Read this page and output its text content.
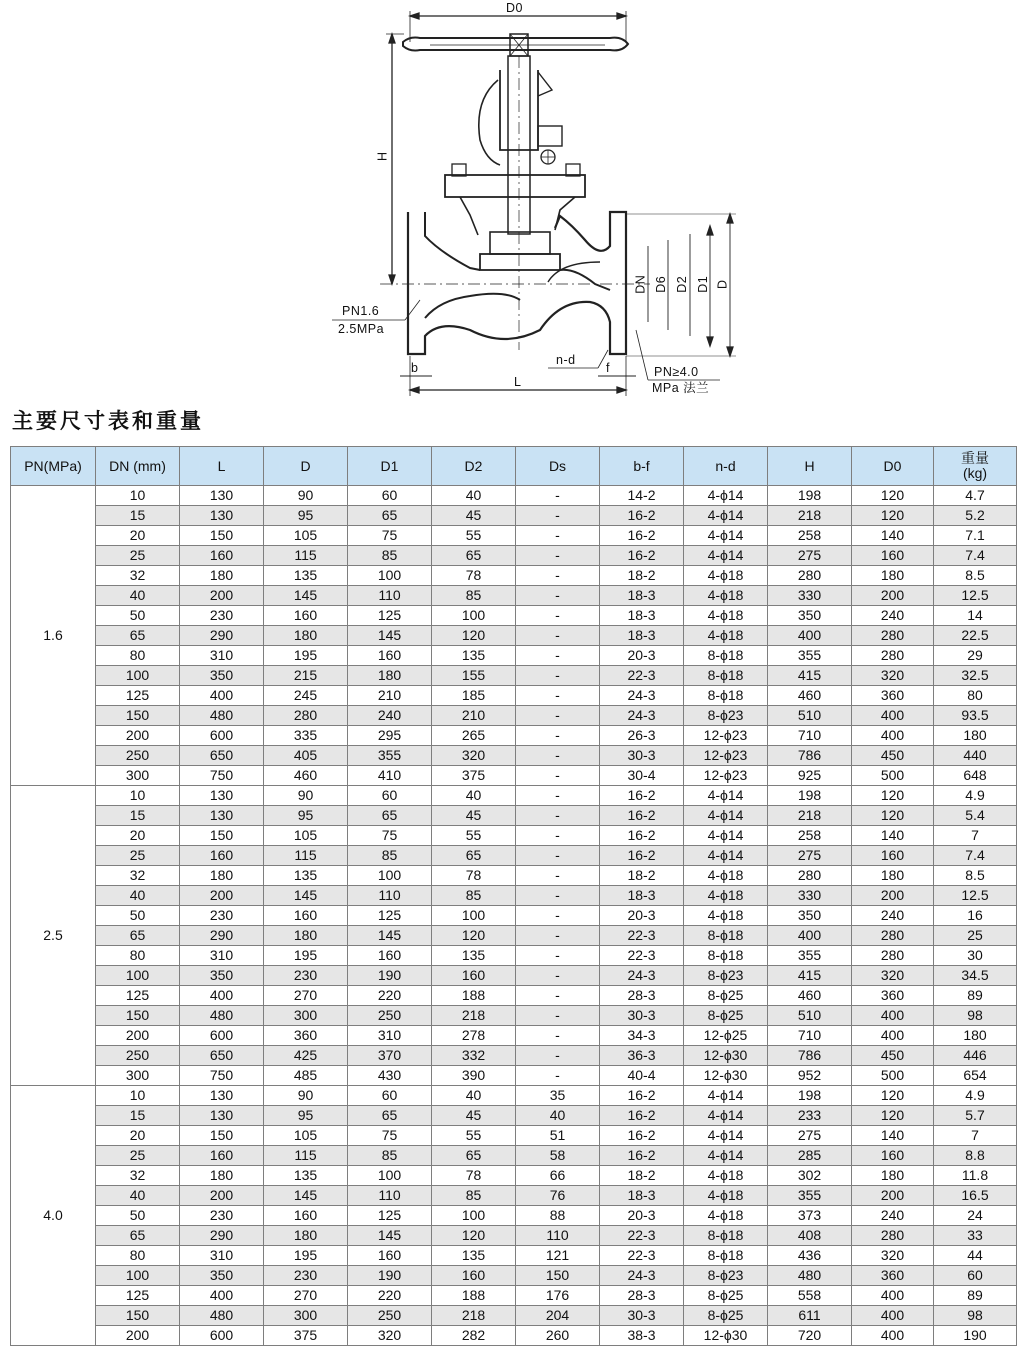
D0
H
DN D6 D2 D1 D
PN1.6
2.5MPa
n-d
b	f
L
PN≥4.0
MPa 法兰
主要尺寸表和重量
PN(MPa)	DN (mm)	L	D	D1	D2	Ds	b-f	n-d	H	D0	重量
(kg)
1.6	10	130	90	60	40	-	14-2	4-ϕ14	198	120	4.7
	15	130	95	65	45	-	16-2	4-ϕ14	218	120	5.2
	20	150	105	75	55	-	16-2	4-ϕ14	258	140	7.1
	25	160	115	85	65	-	16-2	4-ϕ14	275	160	7.4
	32	180	135	100	78	-	18-2	4-ϕ18	280	180	8.5
	40	200	145	110	85	-	18-3	4-ϕ18	330	200	12.5
	50	230	160	125	100	-	18-3	4-ϕ18	350	240	14
	65	290	180	145	120	-	18-3	4-ϕ18	400	280	22.5
	80	310	195	160	135	-	20-3	8-ϕ18	355	280	29
	100	350	215	180	155	-	22-3	8-ϕ18	415	320	32.5
	125	400	245	210	185	-	24-3	8-ϕ18	460	360	80
	150	480	280	240	210	-	24-3	8-ϕ23	510	400	93.5
	200	600	335	295	265	-	26-3	12-ϕ23	710	400	180
	250	650	405	355	320	-	30-3	12-ϕ23	786	450	440
	300	750	460	410	375	-	30-4	12-ϕ23	925	500	648
2.5	10	130	90	60	40	-	16-2	4-ϕ14	198	120	4.9
	15	130	95	65	45	-	16-2	4-ϕ14	218	120	5.4
	20	150	105	75	55	-	16-2	4-ϕ14	258	140	7
	25	160	115	85	65	-	16-2	4-ϕ14	275	160	7.4
	32	180	135	100	78	-	18-2	4-ϕ18	280	180	8.5
	40	200	145	110	85	-	18-3	4-ϕ18	330	200	12.5
	50	230	160	125	100	-	20-3	4-ϕ18	350	240	16
	65	290	180	145	120	-	22-3	8-ϕ18	400	280	25
	80	310	195	160	135	-	22-3	8-ϕ18	355	280	30
	100	350	230	190	160	-	24-3	8-ϕ23	415	320	34.5
	125	400	270	220	188	-	28-3	8-ϕ25	460	360	89
	150	480	300	250	218	-	30-3	8-ϕ25	510	400	98
	200	600	360	310	278	-	34-3	12-ϕ25	710	400	180
	250	650	425	370	332	-	36-3	12-ϕ30	786	450	446
	300	750	485	430	390	-	40-4	12-ϕ30	952	500	654
4.0	10	130	90	60	40	35	16-2	4-ϕ14	198	120	4.9
	15	130	95	65	45	40	16-2	4-ϕ14	233	120	5.7
	20	150	105	75	55	51	16-2	4-ϕ14	275	140	7
	25	160	115	85	65	58	16-2	4-ϕ14	285	160	8.8
	32	180	135	100	78	66	18-2	4-ϕ18	302	180	11.8
	40	200	145	110	85	76	18-3	4-ϕ18	355	200	16.5
	50	230	160	125	100	88	20-3	4-ϕ18	373	240	24
	65	290	180	145	120	110	22-3	8-ϕ18	408	280	33
	80	310	195	160	135	121	22-3	8-ϕ18	436	320	44
	100	350	230	190	160	150	24-3	8-ϕ23	480	360	60
	125	400	270	220	188	176	28-3	8-ϕ25	558	400	89
	150	480	300	250	218	204	30-3	8-ϕ25	611	400	98
	200	600	375	320	282	260	38-3	12-ϕ30	720	400	190
